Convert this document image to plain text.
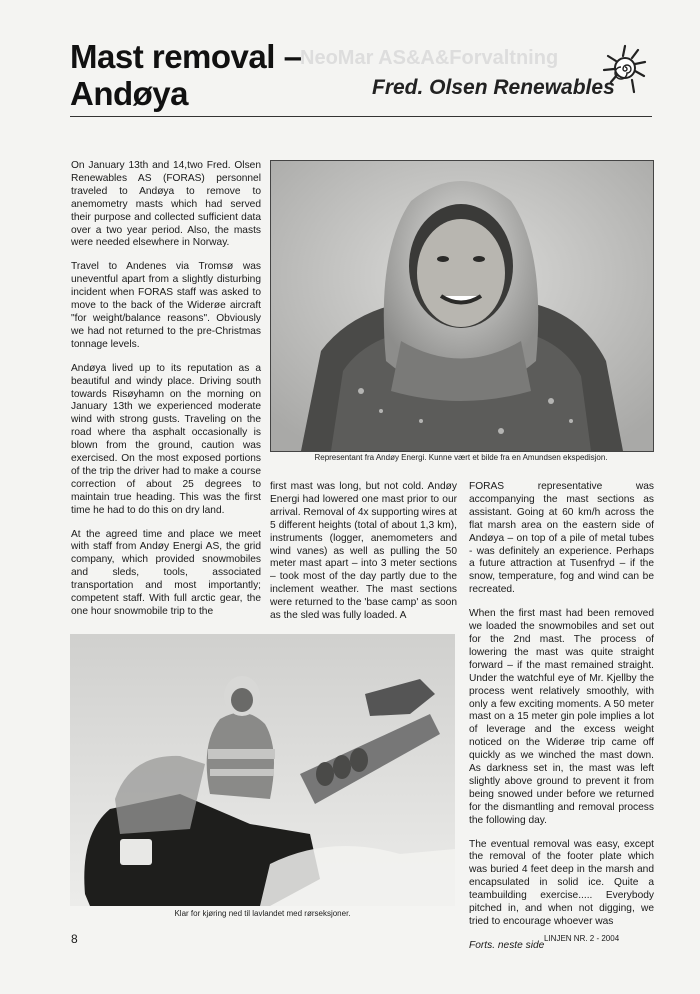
NeoMar AS&A&Forvaltning
Mast removal –
Andøya	Fred. Olsen Renewables

On January 13th and 14,two Fred. Olsen Renewables AS (FORAS) personnel traveled to Andøya to remove to anemometry masts which had served their purpose and collected sufficient data over a two year period. Also, the masts were needed elsewhere in Norway.

Travel to Andenes via Tromsø was uneventful apart from a slightly disturbing incident when FORAS staff was asked to move to the back of the Widerøe aircraft "for weight/balance reasons". Obviously we had not returned to the pre-Christmas tonnage levels.

Andøya lived up to its reputation as a beautiful and windy place. Driving south towards Risøyhamn on the morning on January 13th we experienced moderate wind with strong gusts. Traveling on the road where tha asphalt occasionally is blown from the ground, caution was exercised. On the most exposed portions of the trip the driver had to make a course correction of about 25 degrees to maintain true heading. This was the first time he had to do this on dry land.

At the agreed time and place we meet with staff from Andøy Energi AS, the grid company, which provided snowmobiles and sleds, tools, associated transportation and most importantly; competent staff. With full arctic gear, the one hour snowmobile trip to the

Representant fra Andøy Energi. Kunne vært et bilde fra en Amundsen ekspedisjon.

first mast was long, but not cold. Andøy Energi had lowered one mast prior to our arrival. Removal of 4x supporting wires at 5 different heights (total of about 1,3 km), instruments (logger, anemometers and wind vanes) as well as pulling the 50 meter mast apart – into 3 meter sections – took most of the day partly due to the inclement weather. The mast sections were returned to the 'base camp' as soon as the sled was fully loaded. A

FORAS representative was accompanying the mast sections as assistant. Going at 60 km/h across the flat marsh area on the eastern side of Andøya – on top of a pile of metal tubes - was definitely an experience. Perhaps a future attraction at Tusenfryd – if the snow, temperature, fog and wind can be recreated.

When the first mast had been removed we loaded the snowmobiles and set out for the 2nd mast. The process of lowering the mast was quite straight forward – if the mast remained straight. Under the watchful eye of Mr. Kjellby the process went relatively smoothly, with only a few exciting moments. A 50 meter mast on a 15 meter gin pole implies a lot of leverage and the excess weight noticed on the Widerøe trip came off quickly as we winched the mast down. As darkness set in, the mast was left slightly above ground to prevent it from being snowed under before we returned for the dismantling and removal process the following day.

The eventual removal was easy, except the removal of the footer plate which was buried 4 feet deep in the marsh and encapsulated in solid ice. Quite a teambuilding exercise..... Everybody pitched in, and when not digging, we tried to encourage whoever was

Forts. neste side

Klar for kjøring ned til lavlandet med rørseksjoner.
8	LINJEN NR. 2 - 2004
